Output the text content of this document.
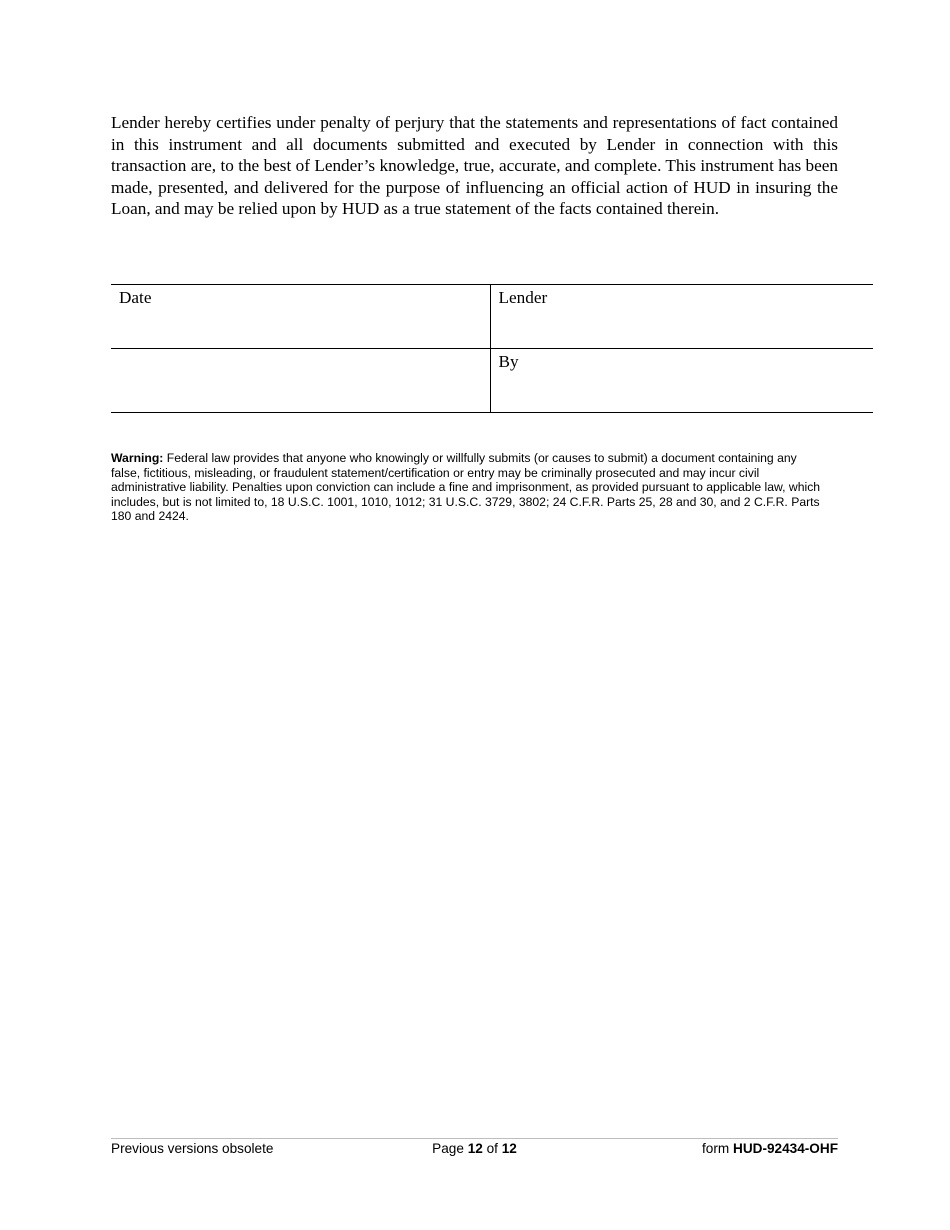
Lender hereby certifies under penalty of perjury that the statements and representations of fact contained in this instrument and all documents submitted and executed by Lender in connection with this transaction are, to the best of Lender’s knowledge, true, accurate, and complete. This instrument has been made, presented, and delivered for the purpose of influencing an official action of HUD in insuring the Loan, and may be relied upon by HUD as a true statement of the facts contained therein.

Date	Lender
	By

Warning: Federal law provides that anyone who knowingly or willfully submits (or causes to submit) a document containing any false, fictitious, misleading, or fraudulent statement/certification or entry may be criminally prosecuted and may incur civil administrative liability. Penalties upon conviction can include a fine and imprisonment, as provided pursuant to applicable law, which includes, but is not limited to, 18 U.S.C. 1001, 1010, 1012; 31 U.S.C. 3729, 3802; 24 C.F.R. Parts 25, 28 and 30, and 2 C.F.R. Parts 180 and 2424.

Previous versions obsolete	Page 12 of 12	form HUD-92434-OHF
